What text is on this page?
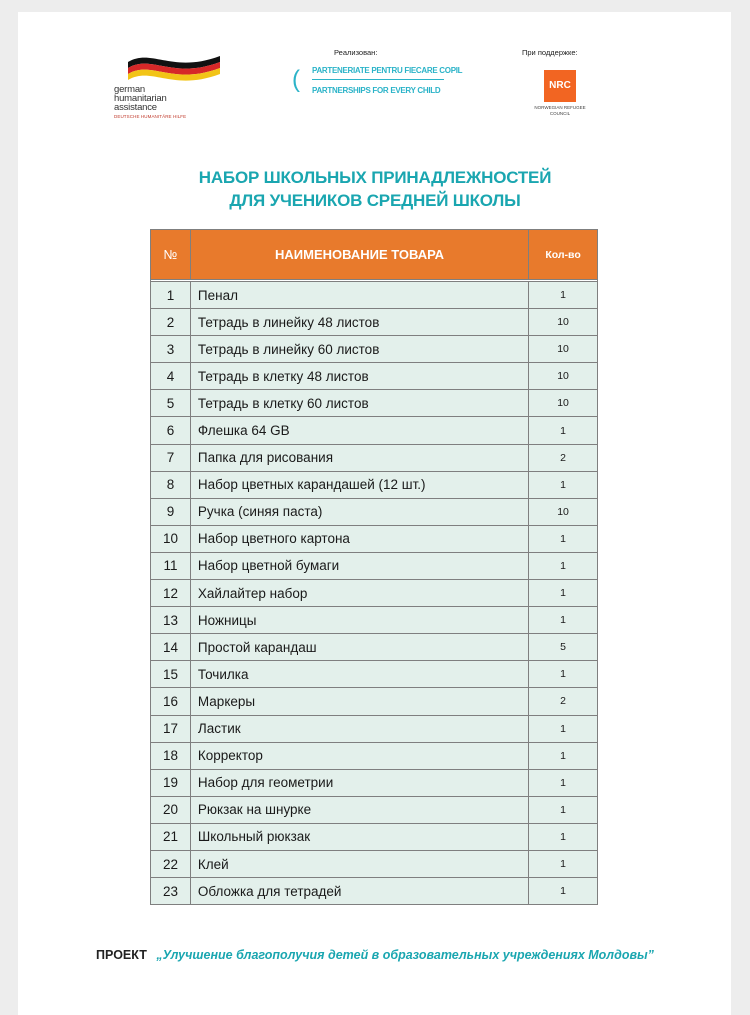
german
humanitarian
assistance
DEUTSCHE HUMANITÄRE HILFE
Реализован:
( PARTENERIATE PENTRU FIECARE COPIL
PARTNERSHIPS FOR EVERY CHILD
При поддержке:
NRC
NORWEGIAN REFUGEE COUNCIL
НАБОР ШКОЛЬНЫХ ПРИНАДЛЕЖНОСТЕЙ
ДЛЯ УЧЕНИКОВ СРЕДНЕЙ ШКОЛЫ
№	НАИМЕНОВАНИЕ ТОВАРА	Кол-во

1	Пенал	1
2	Тетрадь в линейку 48 листов	10
3	Тетрадь в линейку 60 листов	10
4	Тетрадь в клетку 48 листов	10
5	Тетрадь в клетку 60 листов	10
6	Флешка 64 GB	1
7	Папка для рисования	2
8	Набор цветных карандашей (12 шт.)	1
9	Ручка (синяя паста)	10
10	Набор цветного картона	1
11	Набор цветной бумаги	1
12	Хайлайтер набор	1
13	Ножницы	1
14	Простой карандаш	5
15	Точилка	1
16	Маркеры	2
17	Ластик	1
18	Корректор	1
19	Набор для геометрии	1
20	Рюкзак на шнурке	1
21	Школьный рюкзак	1
22	Клей	1
23	Обложка для тетрадей	1
ПРОЕКТ „Улучшение благополучия детей в образовательных учреждениях Молдовы”
